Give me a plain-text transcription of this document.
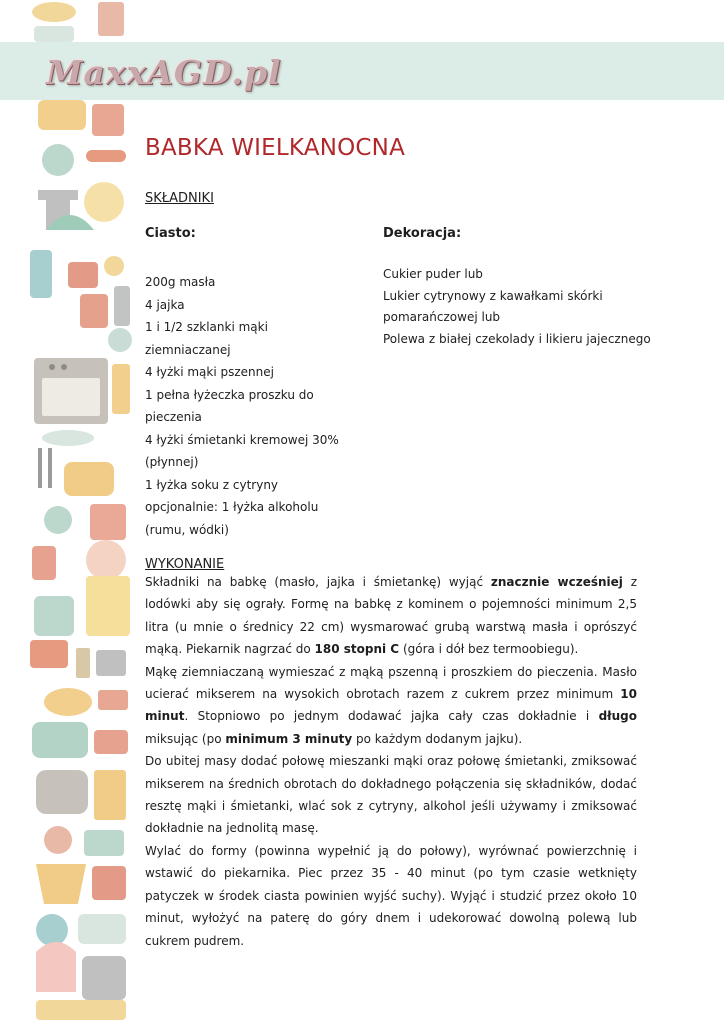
MaxxAGD.pl
BABKA WIELKANOCNA
SKŁADNIKI
Ciasto:	Dekoracja:
200g masła
4 jajka
1 i 1/2 szklanki mąki
ziemniaczanej
4 łyżki mąki pszennej
1 pełna łyżeczka proszku do
pieczenia
4 łyżki śmietanki kremowej 30%
(płynnej)
1 łyżka soku z cytryny
opcjonalnie: 1 łyżka alkoholu
(rumu, wódki)
Cukier puder lub
Lukier cytrynowy z kawałkami skórki
pomarańczowej lub
Polewa z białej czekolady i likieru jajecznego
WYKONANIE

Składniki na babkę (masło, jajka i śmietankę) wyjąć znacznie wcześniej z lodówki aby się ograły. Formę na babkę z kominem o pojemności minimum 2,5 litra (u mnie o średnicy 22 cm) wysmarować grubą warstwą masła i oprószyć mąką. Piekarnik nagrzać do 180 stopni C (góra i dół bez termoobiegu).

Mąkę ziemniaczaną wymieszać z mąką pszenną i proszkiem do pieczenia. Masło ucierać mikserem na wysokich obrotach razem z cukrem przez minimum 10 minut. Stopniowo po jednym dodawać jajka cały czas dokładnie i długo miksując (po minimum 3 minuty po każdym dodanym jajku).

Do ubitej masy dodać połowę mieszanki mąki oraz połowę śmietanki, zmiksować mikserem na średnich obrotach do dokładnego połączenia się składników, dodać resztę mąki i śmietanki, wlać sok z cytryny, alkohol jeśli używamy i zmiksować dokładnie na jednolitą masę.

Wylać do formy (powinna wypełnić ją do połowy), wyrównać powierzchnię i wstawić do piekarnika. Piec przez 35 - 40 minut (po tym czasie wetknięty patyczek w środek ciasta powinien wyjść suchy). Wyjąć i studzić przez około 10 minut, wyłożyć na paterę do góry dnem i udekorować dowolną polewą lub cukrem pudrem.
